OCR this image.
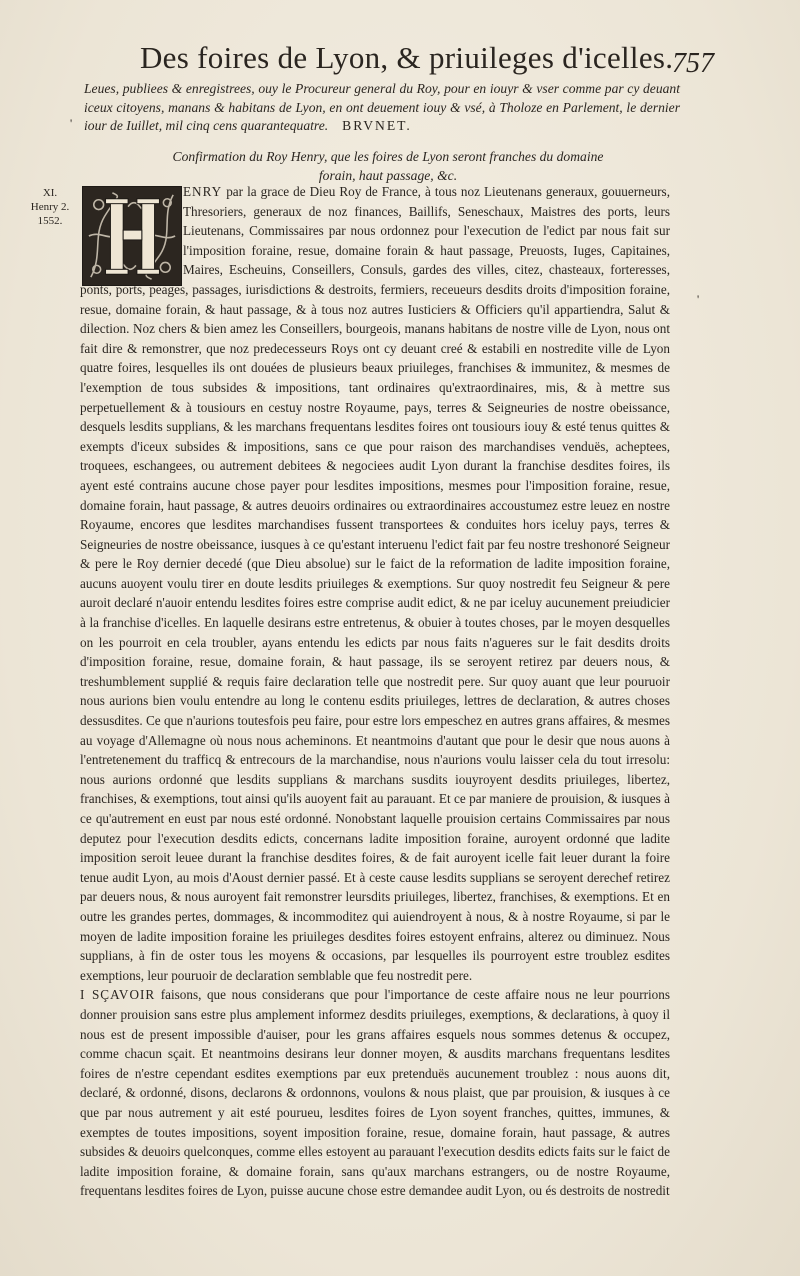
Des foires de Lyon, & priuileges d'icelles.
757
Leues, publiees & enregistrees, ouy le Procureur general du Roy, pour en iouyr & vser comme par cy deuant iceux citoyens, manans & habitans de Lyon, en ont deuement iouy & vsé, à Tholoze en Parlement, le dernier iour de Iuillet, mil cinq cens quarantequatre. BRVNET.
'
Confirmation du Roy Henry, que les foires de Lyon seront franches du domaine forain, haut passage, &c.
XI.
Henry 2.
1552.
'

ENRY par la grace de Dieu Roy de France, à tous noz Lieutenans generaux, gouuerneurs, Thresoriers, generaux de noz finances, Baillifs, Seneschaux, Maistres des ports, leurs Lieutenans, Commissaires par nous ordonnez pour l'execution de l'edict par nous fait sur l'imposition foraine, resue, domaine forain & haut passage, Preuosts, Iuges, Capitaines, Maires, Escheuins, Conseillers, Consuls, gardes des villes, citez, chasteaux, forteresses, ponts, ports, peages, passages, iurisdictions & destroits, fermiers, receueurs desdits droits d'imposition foraine, resue, domaine forain, & haut passage, & à tous noz autres Iusticiers & Officiers qu'il appartiendra, Salut & dilection. Noz chers & bien amez les Conseillers, bourgeois, manans habitans de nostre ville de Lyon, nous ont fait dire & remonstrer, que noz predecesseurs Roys ont cy deuant creé & estabili en nostredite ville de Lyon quatre foires, lesquelles ils ont douées de plusieurs beaux priuileges, franchises & immunitez, & mesmes de l'exemption de tous subsides & impositions, tant ordinaires qu'extraordinaires, mis, & à mettre sus perpetuellement & à tousiours en cestuy nostre Royaume, pays, terres & Seigneuries de nostre obeissance, desquels lesdits supplians, & les marchans frequentans lesdites foires ont tousiours iouy & esté tenus quittes & exempts d'iceux subsides & impositions, sans ce que pour raison des marchandises venduës, acheptees, troquees, eschangees, ou autrement debitees & negociees audit Lyon durant la franchise desdites foires, ils ayent esté contrains aucune chose payer pour lesdites impositions, mesmes pour l'imposition foraine, resue, domaine forain, haut passage, & autres deuoirs ordinaires ou extraordinaires accoustumez estre leuez en nostre Royaume, encores que lesdites marchandises fussent transportees & conduites hors iceluy pays, terres & Seigneuries de nostre obeissance, iusques à ce qu'estant interuenu l'edict fait par feu nostre treshonoré Seigneur & pere le Roy dernier decedé (que Dieu absolue) sur le faict de la reformation de ladite imposition foraine, aucuns auoyent voulu tirer en doute lesdits priuileges & exemptions. Sur quoy nostredit feu Seigneur & pere auroit declaré n'auoir entendu lesdites foires estre comprise audit edict, & ne par iceluy aucunement preiudicier à la franchise d'icelles. En laquelle desirans estre entretenus, & obuier à toutes choses, par le moyen desquelles on les pourroit en cela troubler, ayans entendu les edicts par nous faits n'agueres sur le fait desdits droits d'imposition foraine, resue, domaine forain, & haut passage, ils se seroyent retirez par deuers nous, & treshumblement supplié & requis faire declaration telle que nostredit pere. Sur quoy auant que leur pouruoir nous aurions bien voulu entendre au long le contenu esdits priuileges, lettres de declaration, & autres choses dessusdites. Ce que n'aurions toutesfois peu faire, pour estre lors empeschez en autres grans affaires, & mesmes au voyage d'Allemagne où nous nous acheminons. Et neantmoins d'autant que pour le desir que nous auons à l'entretenement du trafficq & entrecours de la marchandise, nous n'aurions voulu laisser cela du tout irresolu: nous aurions ordonné que lesdits supplians & marchans susdits iouyroyent desdits priuileges, libertez, franchises, & exemptions, tout ainsi qu'ils auoyent fait au parauant. Et ce par maniere de prouision, & iusques à ce qu'autrement en eust par nous esté ordonné. Nonobstant laquelle prouision certains Commissaires par nous deputez pour l'execution desdits edicts, concernans ladite imposition foraine, auroyent ordonné que ladite imposition seroit leuee durant la franchise desdites foires, & de fait auroyent icelle fait leuer durant la foire tenue audit Lyon, au mois d'Aoust dernier passé. Et à ceste cause lesdits supplians se seroyent derechef retirez par deuers nous, & nous auroyent fait remonstrer leursdits priuileges, libertez, franchises, & exemptions. Et en outre les grandes pertes, dommages, & incommoditez qui auiendroyent à nous, & à nostre Royaume, si par le moyen de ladite imposition foraine les priuileges desdites foires estoyent enfrains, alterez ou diminuez. Nous supplians, à fin de oster tous les moyens & occasions, par lesquelles ils pourroyent estre troublez esdites exemptions, leur pouruoir de declaration semblable que feu nostredit pere.

I SÇAVOIR faisons, que nous considerans que pour l'importance de ceste affaire nous ne leur pourrions donner prouision sans estre plus amplement informez desdits priuileges, exemptions, & declarations, à quoy il nous est de present impossible d'auiser, pour les grans affaires esquels nous sommes detenus & occupez, comme chacun sçait. Et neantmoins desirans leur donner moyen, & ausdits marchans frequentans lesdites foires de n'estre cependant esdites exemptions par eux pretenduës aucunement troublez : nous auons dit, declaré, & ordonné, disons, declarons & ordonnons, voulons & nous plaist, que par prouision, & iusques à ce que par nous autrement y ait esté pourueu, lesdites foires de Lyon soyent franches, quittes, immunes, & exemptes de toutes impositions, soyent imposition foraine, resue, domaine forain, haut passage, & autres subsides & deuoirs quelconques, comme elles estoyent au parauant l'execution desdits edicts faits sur le faict de ladite imposition foraine, & domaine forain, sans qu'aux marchans estrangers, ou de nostre Royaume, frequentans lesdites foires de Lyon, puisse aucune chose estre demandee audit Lyon, ou és destroits de nostredit
